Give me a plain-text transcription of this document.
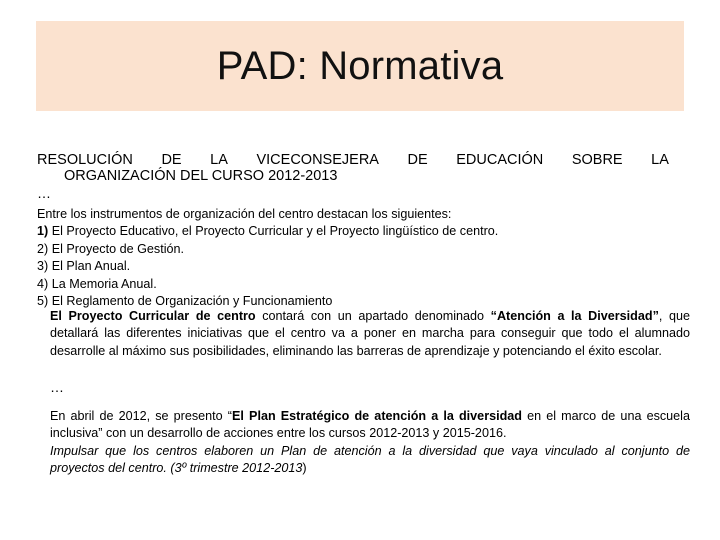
PAD: Normativa
RESOLUCIÓN DE LA VICECONSEJERA DE EDUCACIÓN SOBRE LA
ORGANIZACIÓN DEL CURSO 2012-2013
…
Entre los instrumentos de organización del centro destacan los siguientes:
1) El Proyecto Educativo, el Proyecto Curricular y el Proyecto lingüístico de centro.
2) El Proyecto de Gestión.
3) El Plan Anual.
4) La Memoria Anual.
5) El Reglamento de Organización y Funcionamiento
El Proyecto Curricular de centro contará con un apartado denominado “Atención a la Diversidad”, que detallará las diferentes iniciativas que el centro va a poner en marcha para conseguir que todo el alumnado desarrolle al máximo sus posibilidades, eliminando las barreras de aprendizaje y potenciando el éxito escolar.
…
En abril de 2012, se presento “El Plan Estratégico de atención a la diversidad en el marco de una escuela inclusiva” con un desarrollo de acciones entre los cursos 2012-2013 y 2015-2016.
Impulsar que los centros elaboren un Plan de atención a la diversidad que vaya vinculado al conjunto de proyectos del centro. (3º trimestre 2012-2013)
